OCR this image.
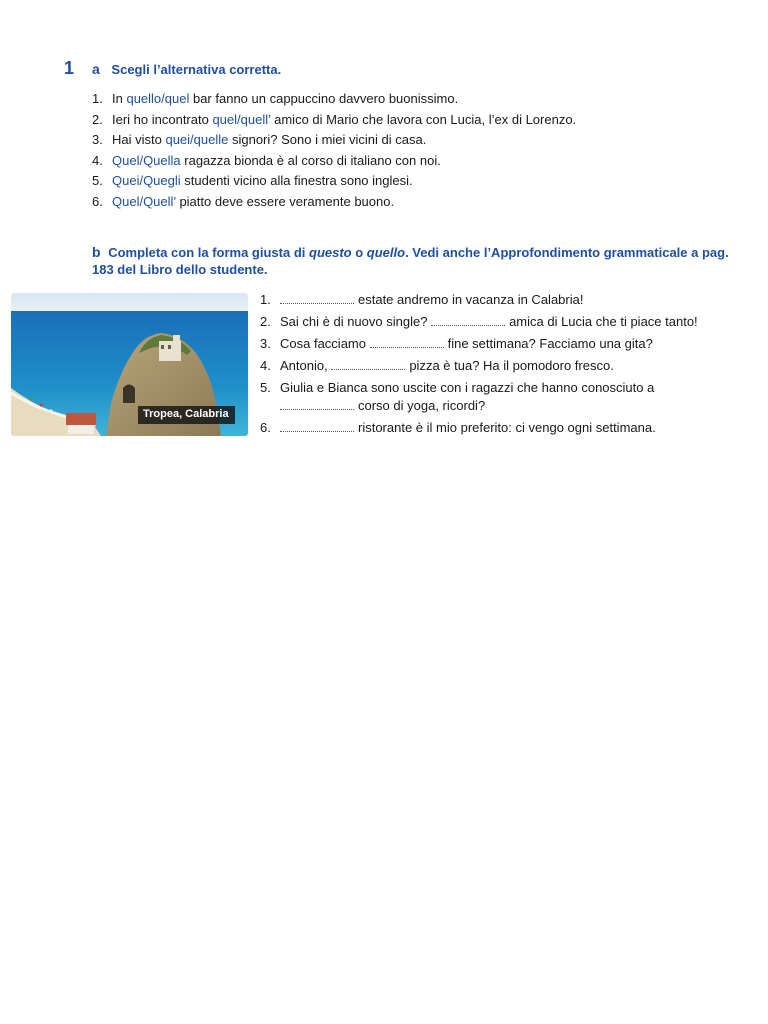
1 a Scegli l’alternativa corretta.
1. In quello/quel bar fanno un cappuccino davvero buonissimo.
2. Ieri ho incontrato quel/quell’ amico di Mario che lavora con Lucia, l’ex di Lorenzo.
3. Hai visto quei/quelle signori? Sono i miei vicini di casa.
4. Quel/Quella ragazza bionda è al corso di italiano con noi.
5. Quei/Quegli studenti vicino alla finestra sono inglesi.
6. Quel/Quell’ piatto deve essere veramente buono.
b Completa con la forma giusta di questo o quello. Vedi anche l’Approfondimento grammaticale a pag. 183 del Libro dello studente.
Tropea, Calabria
1.	estate andremo in vacanza in Calabria!
2. Sai chi è di nuovo single?	amica di Lucia che ti piace tanto!
3. Cosa facciamo	fine settimana? Facciamo una gita?
4. Antonio,	pizza è tua? Ha il pomodoro fresco.
5. Giulia e Bianca sono uscite con i ragazzi che hanno conosciuto a
corso di yoga, ricordi?
6.	ristorante è il mio preferito: ci vengo ogni settimana.
